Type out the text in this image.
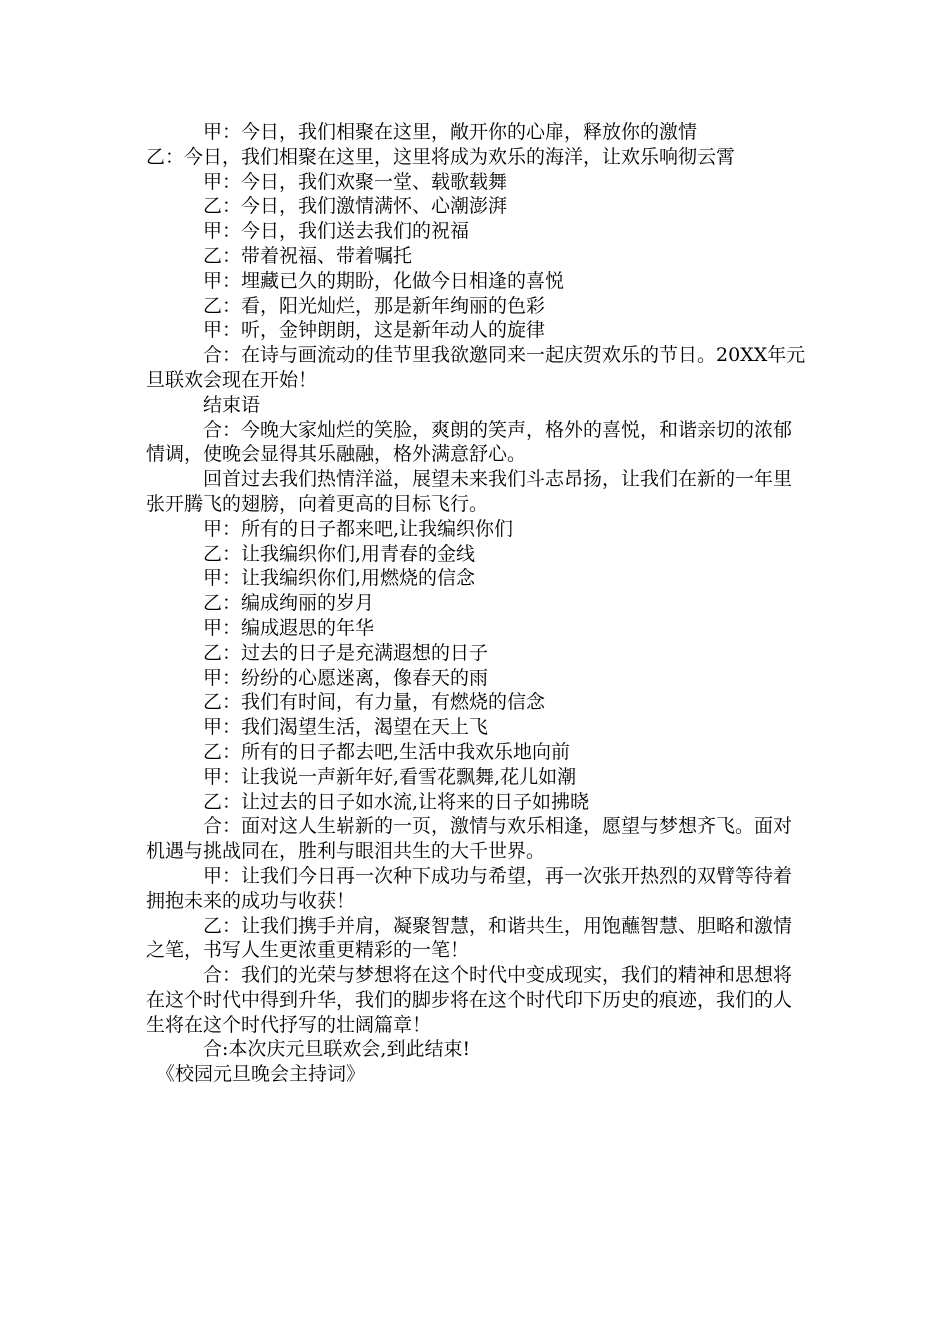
甲：今日，我们相聚在这里，敞开你的心扉，释放你的激情

乙：今日，我们相聚在这里，这里将成为欢乐的海洋，让欢乐响彻云霄

甲：今日，我们欢聚一堂、载歌载舞

乙：今日，我们激情满怀、心潮澎湃

甲：今日，我们送去我们的祝福

乙：带着祝福、带着嘱托

甲：埋藏已久的期盼，化做今日相逢的喜悦

乙：看，阳光灿烂，那是新年绚丽的色彩

甲：听，金钟朗朗，这是新年动人的旋律

合：在诗与画流动的佳节里我欲邀同来一起庆贺欢乐的节日。20XX年元旦联欢会现在开始！

结束语

合：今晚大家灿烂的笑脸，爽朗的笑声，格外的喜悦，和谐亲切的浓郁情调，使晚会显得其乐融融，格外满意舒心。

回首过去我们热情洋溢，展望未来我们斗志昂扬，让我们在新的一年里张开腾飞的翅膀，向着更高的目标飞行。

甲：所有的日子都来吧,让我编织你们

乙：让我编织你们,用青春的金线

甲：让我编织你们,用燃烧的信念

乙：编成绚丽的岁月

甲：编成遐思的年华

乙：过去的日子是充满遐想的日子

甲：纷纷的心愿迷离，像春天的雨

乙：我们有时间，有力量，有燃烧的信念

甲：我们渴望生活，渴望在天上飞

乙：所有的日子都去吧,生活中我欢乐地向前

甲：让我说一声新年好,看雪花飘舞,花儿如潮

乙：让过去的日子如水流,让将来的日子如拂晓

合：面对这人生崭新的一页，激情与欢乐相逢，愿望与梦想齐飞。面对机遇与挑战同在，胜利与眼泪共生的大千世界。

甲：让我们今日再一次种下成功与希望，再一次张开热烈的双臂等待着拥抱未来的成功与收获！

乙：让我们携手并肩，凝聚智慧，和谐共生，用饱蘸智慧、胆略和激情之笔，书写人生更浓重更精彩的一笔！

合：我们的光荣与梦想将在这个时代中变成现实，我们的精神和思想将在这个时代中得到升华，我们的脚步将在这个时代印下历史的痕迹，我们的人生将在这个时代抒写的壮阔篇章！

合:本次庆元旦联欢会,到此结束!

《校园元旦晚会主持词》
